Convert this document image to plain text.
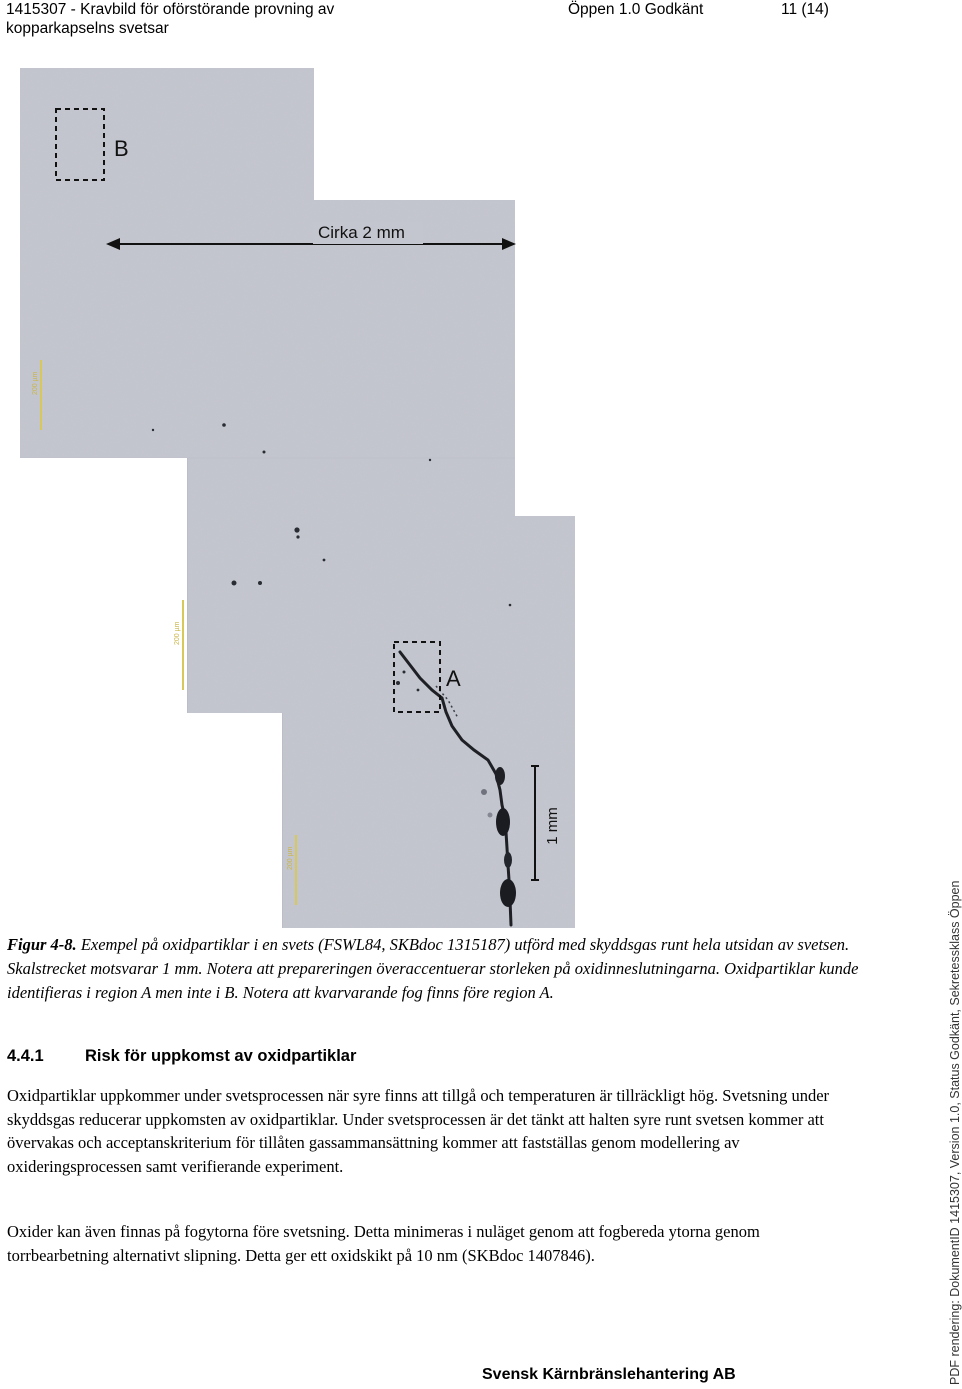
1415307 - Kravbild för oförstörande provning av kopparkapselns svetsar
Öppen 1.0 Godkänt	11 (14)
200 µm
200 µm
200 µm
B
A
Cirka 2 mm
1 mm
Figur 4-8. Exempel på oxidpartiklar i en svets (FSWL84, SKBdoc 1315187) utförd med skyddsgas runt hela utsidan av svetsen. Skalstrecket motsvarar 1 mm. Notera att prepareringen överaccentuerar storleken på oxidinneslutningarna. Oxidpartiklar kunde identifieras i region A men inte i B. Notera att kvarvarande fog finns före region A.
4.4.1	Risk för uppkomst av oxidpartiklar
Oxidpartiklar uppkommer under svetsprocessen när syre finns att tillgå och temperaturen är tillräckligt hög. Svetsning under skyddsgas reducerar uppkomsten av oxidpartiklar. Under svetsprocessen är det tänkt att halten syre runt svetsen kommer att övervakas och acceptanskriterium för tillåten gassammansättning kommer att fastställas genom modellering av oxideringsprocessen samt verifierande experiment.
Oxider kan även finnas på fogytorna före svetsning. Detta minimeras i nuläget genom att fogbereda ytorna genom torrbearbetning alternativt slipning. Detta ger ett oxidskikt på 10 nm (SKBdoc 1407846).
Svensk Kärnbränslehantering AB	PDF rendering: DokumentID 1415307, Version 1.0, Status Godkänt, Sekretessklass Öppen
